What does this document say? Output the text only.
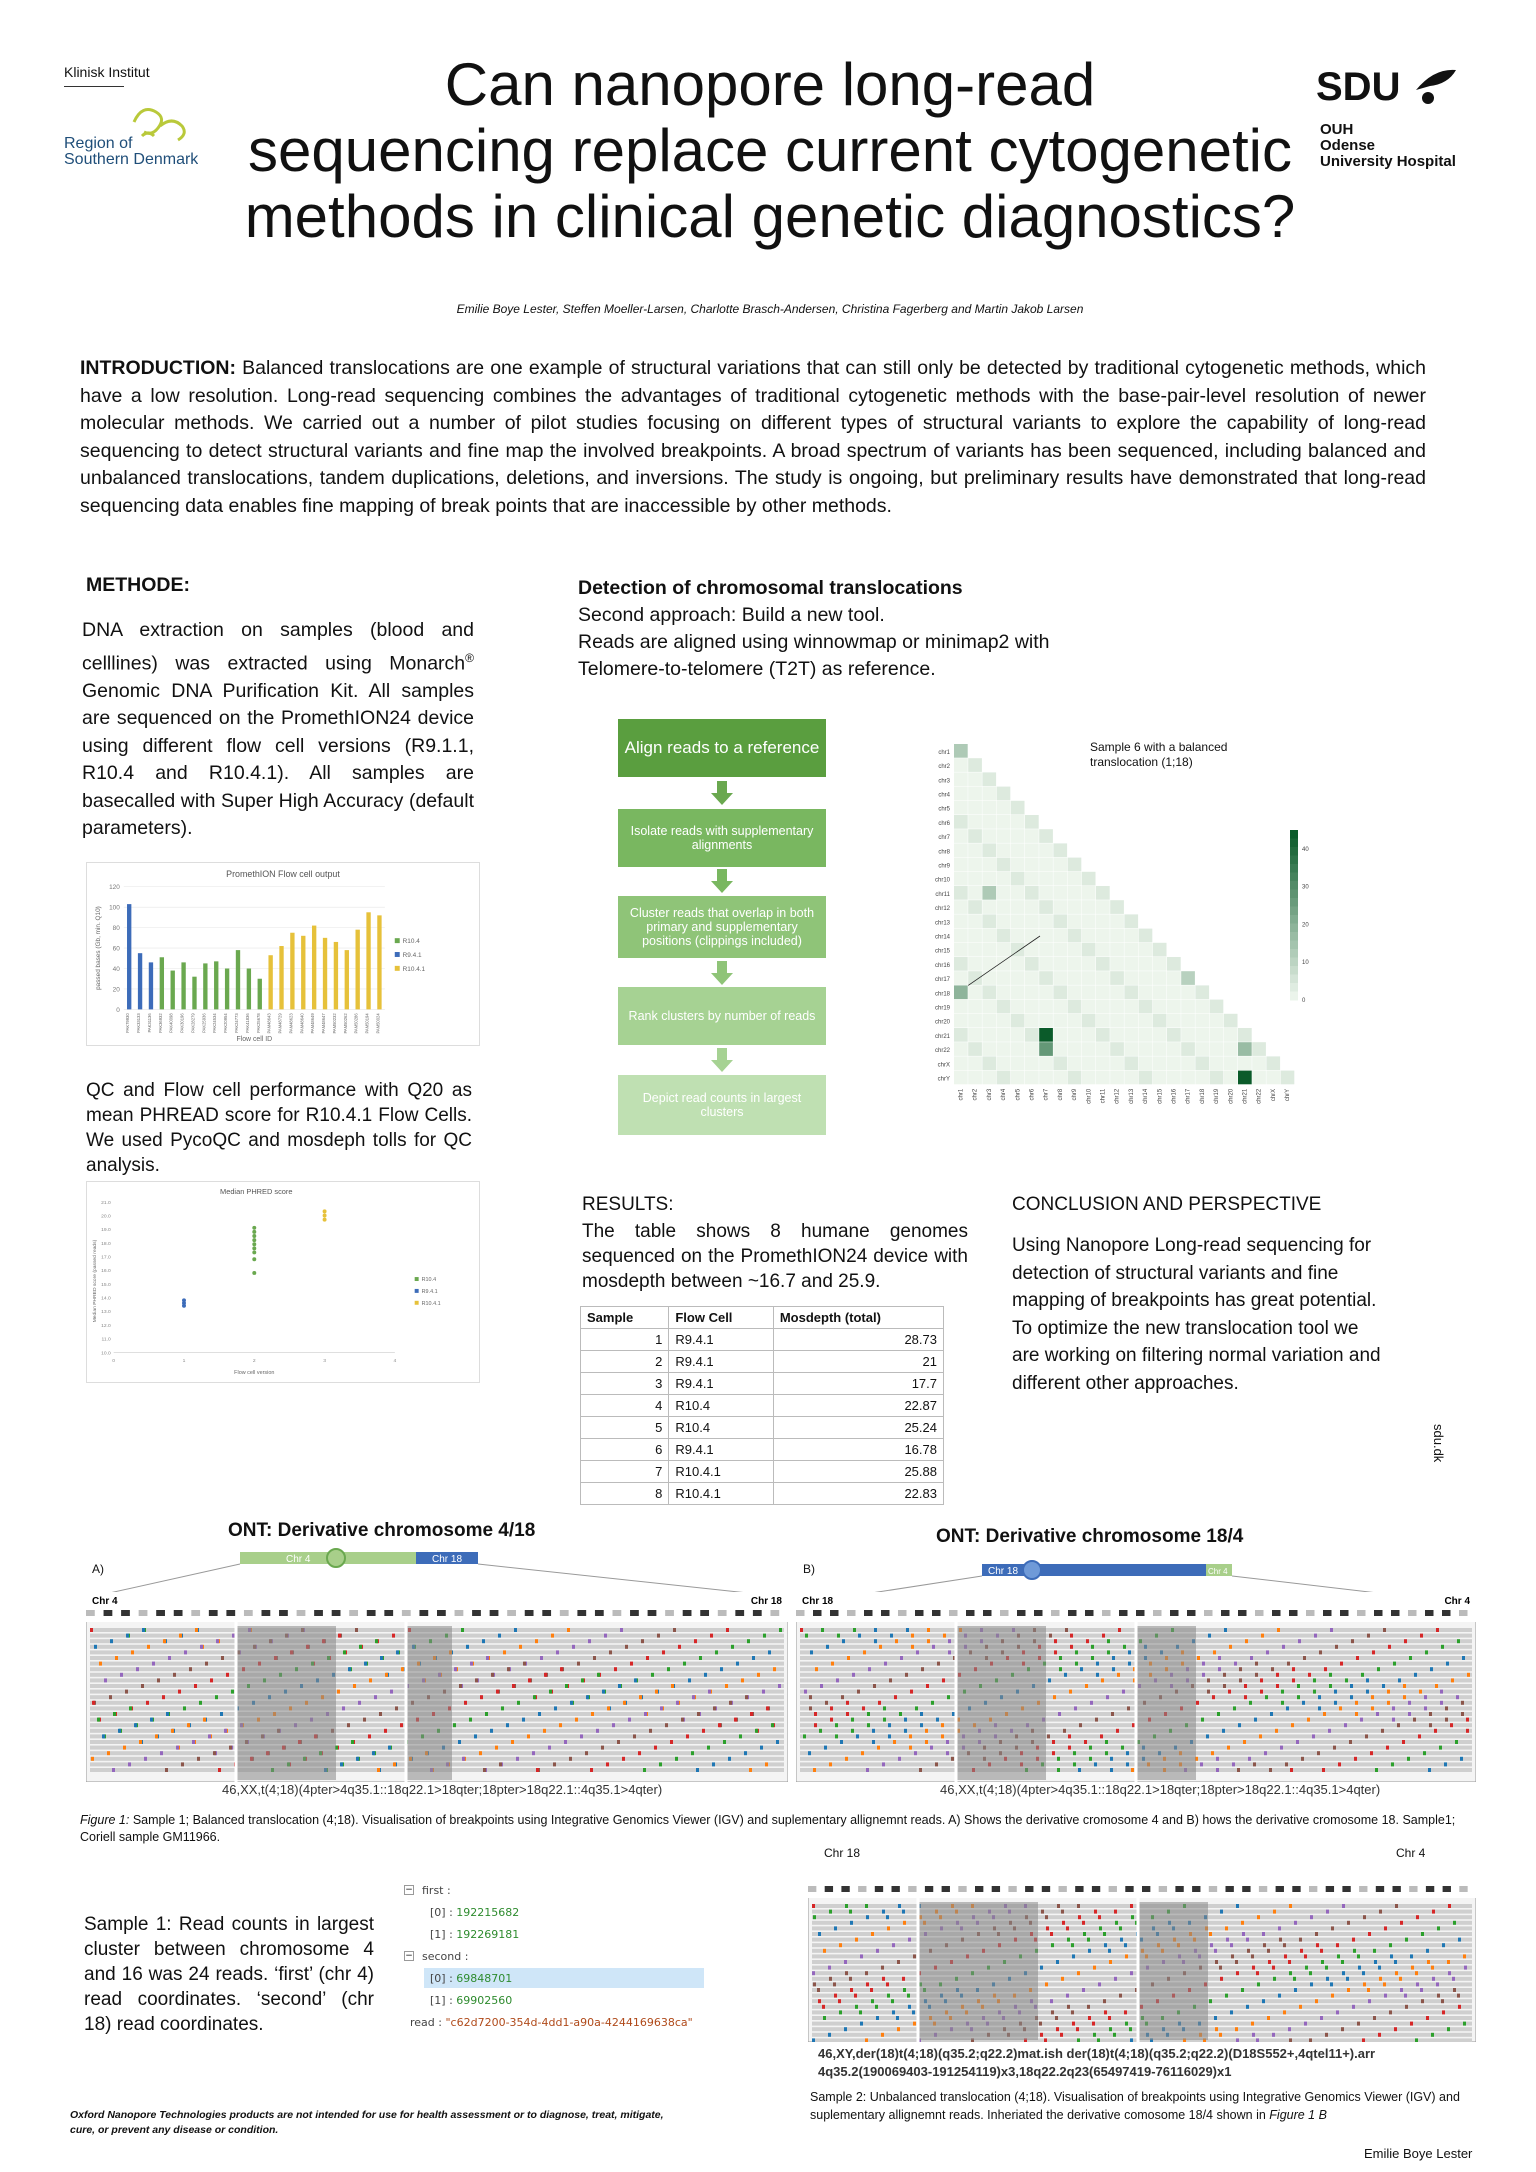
Klinisk Institut
Region of
Southern Denmark
Can nanopore long-read
sequencing replace current cytogenetic
methods in clinical genetic diagnostics?
SDU
OUH
Odense
University Hospital
Emilie Boye Lester, Steffen Moeller-Larsen, Charlotte Brasch-Andersen, Christina Fagerberg and Martin Jakob Larsen
INTRODUCTION: Balanced translocations are one example of structural variations that can still only be detected by traditional cytogenetic methods, which have a low resolution. Long-read sequencing combines the advantages of traditional cytogenetic methods with the base-pair-level resolution of newer molecular methods. We carried out a number of pilot studies focusing on different types of structural variants to explore the capability of long-read sequencing to detect structural variants and fine map the involved breakpoints. A broad spectrum of variants has been sequenced, including balanced and unbalanced translocations, tandem duplications, deletions, and inversions. The study is ongoing, but preliminary results have demonstrated that long-read sequencing data enables fine mapping of break points that are inaccessible by other methods.
METHODE:
DNA extraction on samples (blood and celllines) was extracted using Monarch® Genomic DNA Purification Kit. All samples are sequenced on the PromethION24 device using different flow cell versions (R9.1.1, R10.4 and R10.4.1). All samples are basecalled with Super High Accuracy (default parameters).
PromethION Flow cell output
0
20
40
60
80
100
120
PAK79930 PAK33133 PAK31136 PAK36932 PAK40098 PAK30196 PAK28279 PAK25936 PAK24534 PAK20954 PAK24773 PAK41836 PAK25678 PAM48643 PAM48729 PAM48623 PAM48640 PAM48649 PAM48647 PAM50232 PAM50262 PAM50286 PAM50194 PAM50024
Flow cell ID
passed bases (Gb, min. Q10)	R10.4
R9.4.1
R10.4.1
QC and Flow cell performance with Q20 as mean PHREAD score for R10.4.1 Flow Cells. We used PycoQC and mosdeph tolls for QC analysis.
Median PHRED score
10.0
11.0
12.0
13.0
14.0
15.0
16.0
17.0
18.0
19.0
20.0
21.0
0	1	2	3	4
Flow cell version
Median PHRED score (passed reads)	R10.4
R9.4.1
R10.4.1
Detection of chromosomal translocations
Second approach: Build a new tool.
Reads are aligned using winnowmap or minimap2 with
Telomere-to-telomere (T2T) as reference.
Align reads to a reference
Isolate reads with supplementary alignments
Cluster reads that overlap in both primary and supplementary positions (clippings included)
Rank clusters by number of reads
Depict read counts in largest clusters
chr1
chr1
chr2
chr2
chr3
chr3
chr4
chr4
chr5
chr5
chr6
chr6
chr7
chr7
chr8
chr8
chr9
chr9
chr10
chr10
chr11
chr11
chr12
chr12
chr13
chr13
chr14
chr14
chr15
chr15
chr16
chr16
chr17
chr17
chr18
chr18
chr19
chr19
chr20
chr20
chr21
chr21
chr22
chr22
chrX
chrX
chrY
chrY
0
10
20
30
40
Sample 6 with a balanced translocation (1;18)
RESULTS:
The table shows 8 humane genomes sequenced on the PromethION24 device with mosdepth between ~16.7 and 25.9.
Sample	Flow Cell	Mosdepth (total)
1	R9.4.1	28.73
2	R9.4.1	21
3	R9.4.1	17.7
4	R10.4	22.87
5	R10.4	25.24
6	R9.4.1	16.78
7	R10.4.1	25.88
8	R10.4.1	22.83
CONCLUSION AND PERSPECTIVE
Using Nanopore Long-read sequencing for detection of structural variants and fine mapping of breakpoints has great potential. To optimize the new translocation tool we are working on filtering normal variation and different other approaches.
sdu.dk
ONT: Derivative chromosome 4/18	ONT: Derivative chromosome 18/4
Chr 4	Chr 18
Chr 18	Chr 4
A)	B)
Chr 4	Chr 18 Chr 18	Chr 4
46,XX,t(4;18)(4pter>4q35.1::18q22.1>18qter;18pter>18q22.1::4q35.1>4qter)	46,XX,t(4;18)(4pter>4q35.1::18q22.1>18qter;18pter>18q22.1::4q35.1>4qter)
Figure 1: Sample 1; Balanced translocation (4;18). Visualisation of breakpoints using Integrative Genomics Viewer (IGV) and suplementary allignemnt reads. A) Shows the derivative cromosome 4 and B) hows the derivative cromosome 18. Sample1; Coriell sample GM11966.
Sample 1: Read counts in largest cluster between chromosome 4 and 16 was 24 reads. ‘first’ (chr 4) read coordinates. ‘second’ (chr 18) read coordinates.
− first :
[0] :
192215682
[1] :
192269181
− second :
[0] :
69848701
[1] :
69902560
read :
"c62d7200-354d-4dd1-a90a-4244169638ca"
Chr 18	Chr 4
46,XY,der(18)t(4;18)(q35.2;q22.2)mat.ish der(18)t(4;18)(q35.2;q22.2)(D18S552+,4qtel11+).arr
4q35.2(190069403-191254119)x3,18q22.2q23(65497419-76116029)x1
Sample 2: Unbalanced translocation (4;18). Visualisation of breakpoints using Integrative Genomics Viewer (IGV) and suplementary allignemnt reads. Inheriated the derivative comosome 18/4 shown in Figure 1 B
Oxford Nanopore Technologies products are not intended for use for health assessment or to diagnose, treat, mitigate, cure, or prevent any disease or condition.
Emilie Boye Lester
